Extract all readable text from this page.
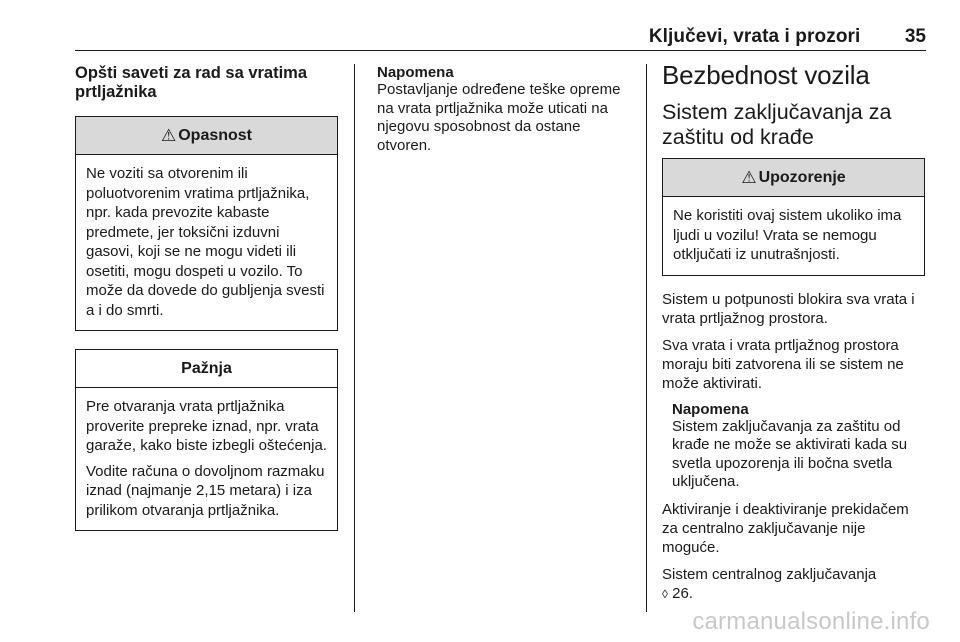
Ključevi, vrata i prozori 35
Opšti saveti za rad sa vratima prtljažnika
⚠ Opasnost

Ne voziti sa otvorenim ili poluotvorenim vratima prtljažnika, npr. kada prevozite kabaste predmete, jer toksični izduvni gasovi, koji se ne mogu videti ili osetiti, mogu dospeti u vozilo. To može da dovede do gubljenja svesti a i do smrti.

Pažnja

Pre otvaranja vrata prtljažnika proverite prepreke iznad, npr. vrata garaže, kako biste izbegli oštećenja.

Vodite računa o dovoljnom razmaku iznad (najmanje 2,15 metara) i iza prilikom otvaranja prtljažnika.

Napomena

Postavljanje određene teške opreme na vrata prtljažnika može uticati na njegovu sposobnost da ostane otvoren.

Bezbednost vozila
Sistem zaključavanja za zaštitu od krađe
⚠ Upozorenje

Ne koristiti ovaj sistem ukoliko ima ljudi u vozilu! Vrata se nemogu otključati iz unutrašnjosti.

Sistem u potpunosti blokira sva vrata i vrata prtljažnog prostora.

Sva vrata i vrata prtljažnog prostora moraju biti zatvorena ili se sistem ne može aktivirati.

Napomena

Sistem zaključavanja za zaštitu od krađe ne može se aktivirati kada su svetla upozorenja ili bočna svetla uključena.

Aktiviranje i deaktiviranje prekidačem za centralno zaključavanje nije moguće.

Sistem centralnog zaključavanja
◊ 26.

carmanualsonline.info
